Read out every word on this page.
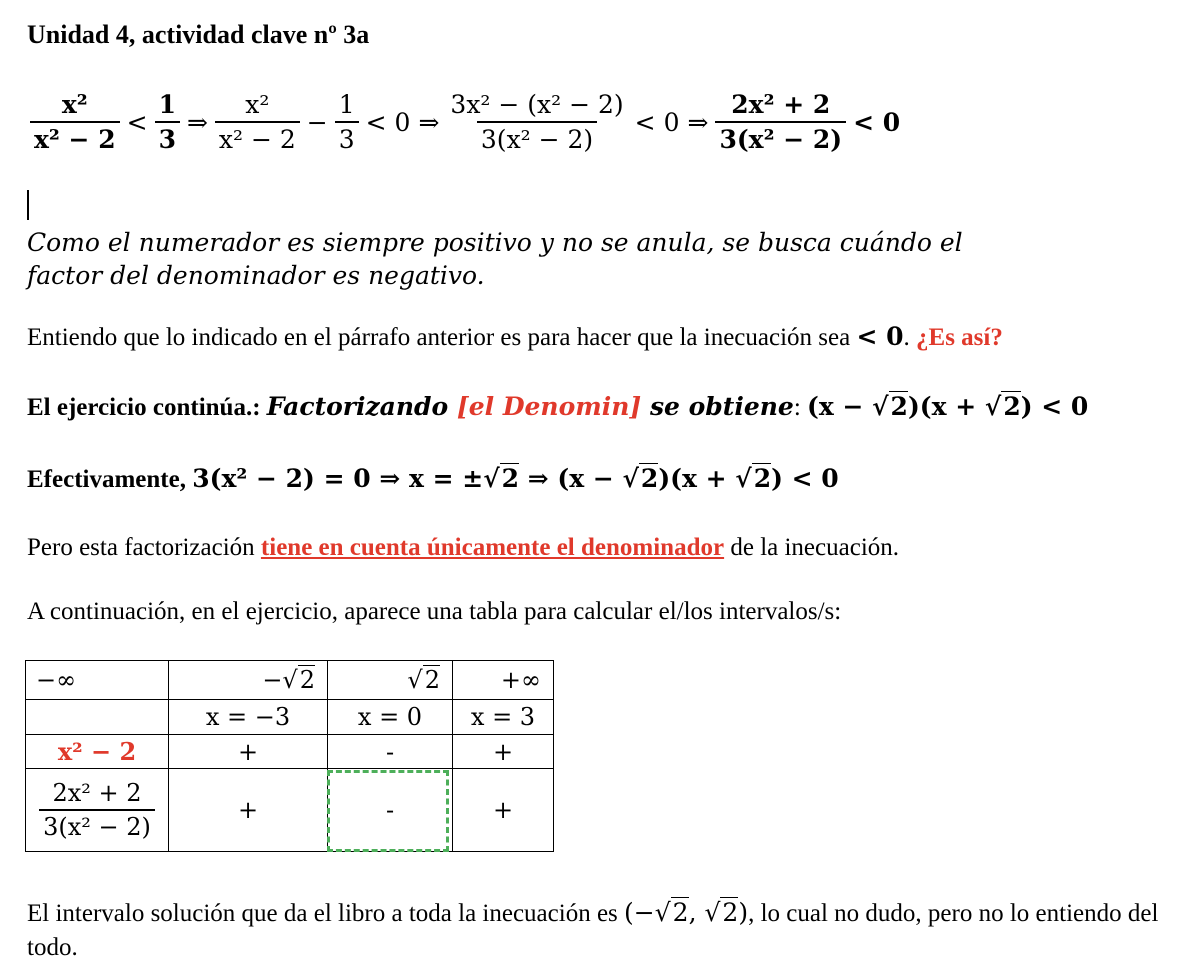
Unidad 4, actividad clave nº 3a
$\frac{\text{x²}}{\text{x² − 2}} < \frac{1}{3}$ ⇒ $\frac{\text{x²}}{\text{x² − 2}} - \frac{1}{3} < 0$ ⇒ $\frac{\text{3x² − (x² − 2)}}{\text{3(x² − 2)}} < 0$ ⇒ $\frac{\text{2x² + 2}}{\text{3(x² − 2)}} < 0$
Como el numerador es siempre positivo y no se anula, se busca cuándo el factor del denominador es negativo.
Entiendo que lo indicado en el párrafo anterior es para hacer que la inecuación sea < 0. ¿Es así?
El ejercicio continúa.: Factorizando [el Denomin] se obtiene: (x − √2)(x + √2) < 0
Efectivamente, 3(x² − 2) = 0 ⇒ x = ±√2 ⇒ (x − √2)(x + √2) < 0
Pero esta factorización tiene en cuenta únicamente el denominador de la inecuación.
A continuación, en el ejercicio, aparece una tabla para calcular el/los intervalos/s:
−∞	−√2	√2	+∞
	x = −3	x = 0	x = 3
x² − 2	+	-	+

$\frac{\text{2x² + 2}}{\text{3(x² − 2)}}$	+	-	+
El intervalo solución que da el libro a toda la inecuación es (−√2, √2), lo cual no dudo, pero no lo entiendo del todo.
